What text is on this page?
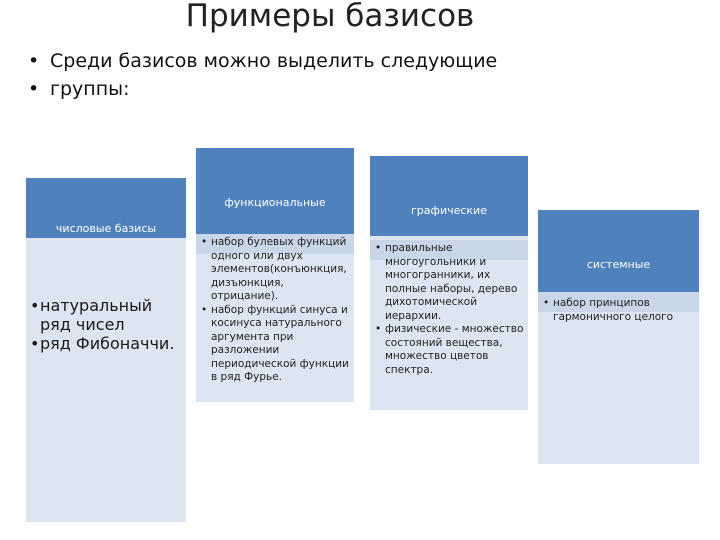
Примеры базисов
• Среди базисов можно выделить следующие
• группы:
числовые базисы
• натуральный ряд чисел
• ряд Фибоначчи.
функциональные
• набор булевых функций одного или двух элементов(конъюнкция, дизъюнкция, отрицание).
• набор функций синуса и косинуса натурального аргумента при разложении периодической функции в ряд Фурье.
графические
• правильные многоугольники и многогранники, их полные наборы, дерево дихотомической иерархии.
• физические - множество состояний вещества, множество цветов спектра.
системные
• набор принципов гармоничного целого
